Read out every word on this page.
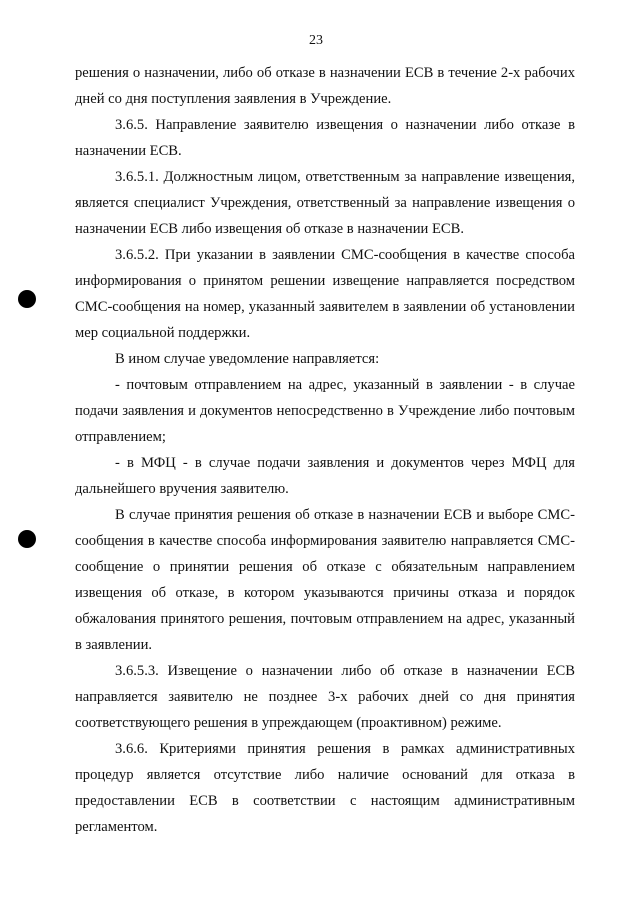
23

решения о назначении, либо об отказе в назначении ЕСВ в течение 2-х рабочих дней со дня поступления заявления в Учреждение.

3.6.5. Направление заявителю извещения о назначении либо отказе в назначении ЕСВ.

3.6.5.1. Должностным лицом, ответственным за направление извещения, является специалист Учреждения, ответственный за направление извещения о назначении ЕСВ либо извещения об отказе в назначении ЕСВ.

3.6.5.2. При указании в заявлении СМС-сообщения в качестве способа информирования о принятом решении извещение направляется посредством СМС-сообщения на номер, указанный заявителем в заявлении об установлении мер социальной поддержки.

В ином случае уведомление направляется:

- почтовым отправлением на адрес, указанный в заявлении - в случае подачи заявления и документов непосредственно в Учреждение либо почтовым отправлением;

- в МФЦ - в случае подачи заявления и документов через МФЦ для дальнейшего вручения заявителю.

В случае принятия решения об отказе в назначении ЕСВ и выборе СМС-сообщения в качестве способа информирования заявителю направляется СМС-сообщение о принятии решения об отказе с обязательным направлением извещения об отказе, в котором указываются причины отказа и порядок обжалования принятого решения, почтовым отправлением на адрес, указанный в заявлении.

3.6.5.3. Извещение о назначении либо об отказе в назначении ЕСВ направляется заявителю не позднее 3-х рабочих дней со дня принятия соответствующего решения в упреждающем (проактивном) режиме.

3.6.6. Критериями принятия решения в рамках административных процедур является отсутствие либо наличие оснований для отказа в предоставлении ЕСВ в соответствии с настоящим административным регламентом.
